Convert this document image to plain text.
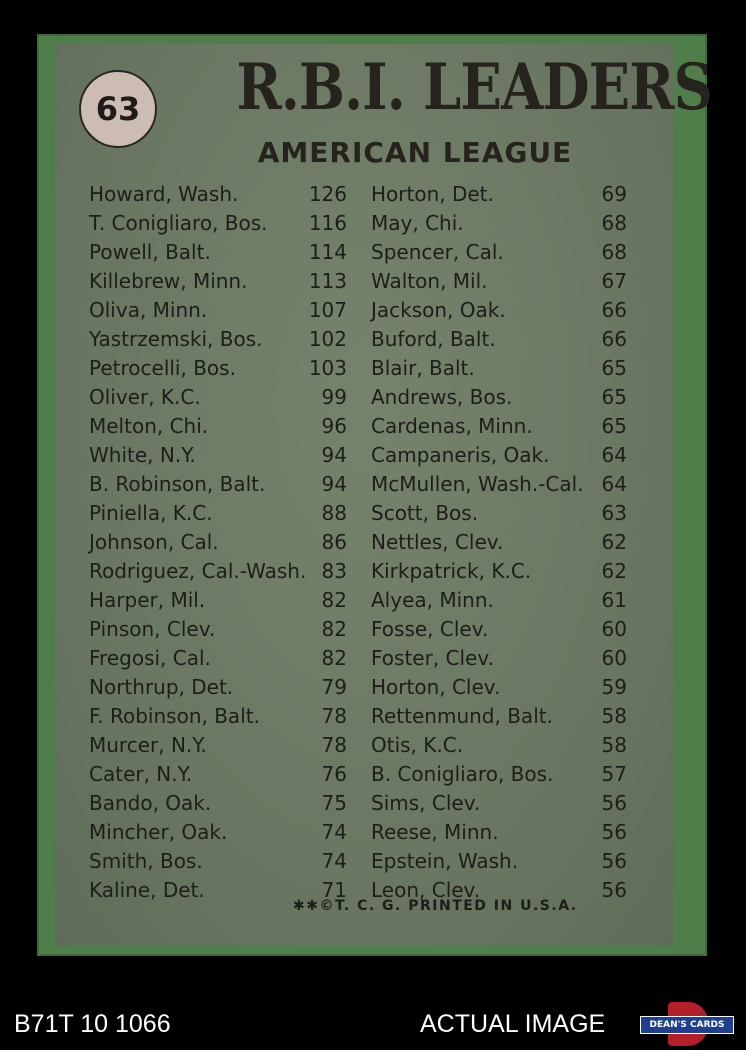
63 R.B.I. LEADERS
AMERICAN LEAGUE
Howard, Wash.	126
T. Conigliaro, Bos.	116
Powell, Balt.	114
Killebrew, Minn.	113
Oliva, Minn.	107
Yastrzemski, Bos.	102
Petrocelli, Bos.	103
Oliver, K.C.	99
Melton, Chi.	96
White, N.Y.	94
B. Robinson, Balt.	94
Piniella, K.C.	88
Johnson, Cal.	86
Rodriguez, Cal.-Wash. 83
Harper, Mil.	82
Pinson, Clev.	82
Fregosi, Cal.	82
Northrup, Det.	79
F. Robinson, Balt.	78
Murcer, N.Y.	78
Cater, N.Y.	76
Bando, Oak.	75
Mincher, Oak.	74
Smith, Bos.	74
Kaline, Det.	71
Horton, Det.	69
May, Chi.	68
Spencer, Cal.	68
Walton, Mil.	67
Jackson, Oak.	66
Buford, Balt.	66
Blair, Balt.	65
Andrews, Bos.	65
Cardenas, Minn.	65
Campaneris, Oak.	64
McMullen, Wash.-Cal. 64
Scott, Bos.	63
Nettles, Clev.	62
Kirkpatrick, K.C.	62
Alyea, Minn.	61
Fosse, Clev.	60
Foster, Clev.	60
Horton, Clev.	59
Rettenmund, Balt.	58
Otis, K.C.	58
B. Conigliaro, Bos.	57
Sims, Clev.	56
Reese, Minn.	56
Epstein, Wash.	56
Leon, Clev.	56
✱✱©T. C. G. PRINTED IN U.S.A.
B71T 10 1066	ACTUAL IMAGE	DEAN'S CARDS
